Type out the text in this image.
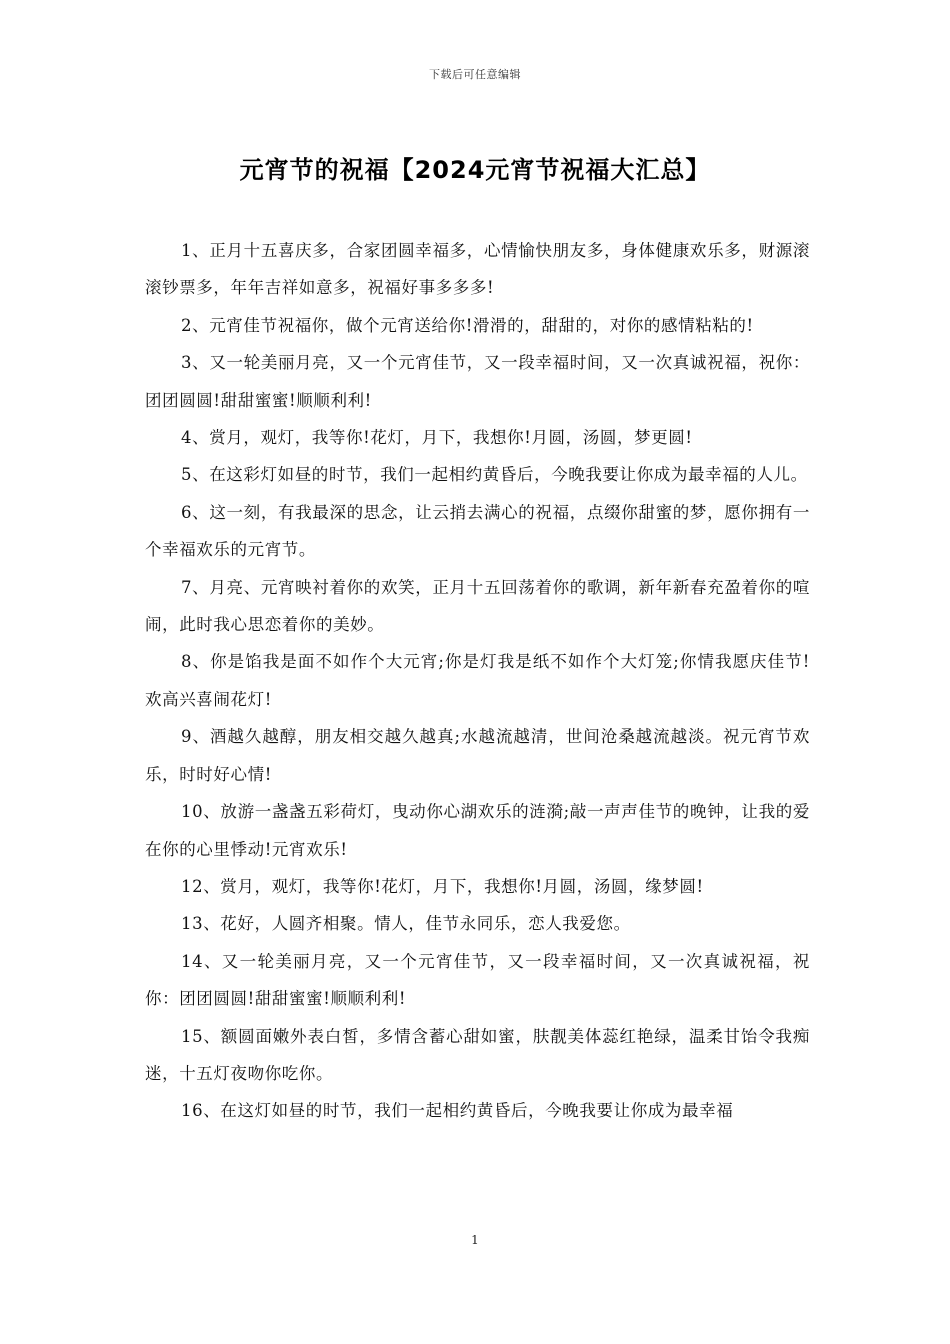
下载后可任意编辑
元宵节的祝福【2024元宵节祝福大汇总】

1、正月十五喜庆多，合家团圆幸福多，心情愉快朋友多，身体健康欢乐多，财源滚滚钞票多，年年吉祥如意多，祝福好事多多多!

2、元宵佳节祝福你，做个元宵送给你!滑滑的，甜甜的，对你的感情粘粘的!

3、又一轮美丽月亮，又一个元宵佳节，又一段幸福时间，又一次真诚祝福，祝你：团团圆圆!甜甜蜜蜜!顺顺利利!

4、赏月，观灯，我等你!花灯，月下，我想你!月圆，汤圆，梦更圆!

5、在这彩灯如昼的时节，我们一起相约黄昏后，今晚我要让你成为最幸福的人儿。

6、这一刻，有我最深的思念，让云捎去满心的祝福，点缀你甜蜜的梦，愿你拥有一个幸福欢乐的元宵节。

7、月亮、元宵映衬着你的欢笑，正月十五回荡着你的歌调，新年新春充盈着你的喧闹，此时我心思恋着你的美妙。

8、你是馅我是面不如作个大元宵;你是灯我是纸不如作个大灯笼;你情我愿庆佳节!欢高兴喜闹花灯!

9、酒越久越醇，朋友相交越久越真;水越流越清，世间沧桑越流越淡。祝元宵节欢乐，时时好心情!

10、放游一盏盏五彩荷灯，曳动你心湖欢乐的涟漪;敲一声声佳节的晚钟，让我的爱在你的心里悸动!元宵欢乐!

12、赏月，观灯，我等你!花灯，月下，我想你!月圆，汤圆，缘梦圆!

13、花好，人圆齐相聚。情人，佳节永同乐，恋人我爱您。

14、又一轮美丽月亮，又一个元宵佳节，又一段幸福时间，又一次真诚祝福，祝你：团团圆圆!甜甜蜜蜜!顺顺利利!

15、额圆面嫩外表白皙，多情含蓄心甜如蜜，肤靓美体蕊红艳绿，温柔甘饴令我痴迷，十五灯夜吻你吃你。

16、在这灯如昼的时节，我们一起相约黄昏后，今晚我要让你成为最幸福

1
